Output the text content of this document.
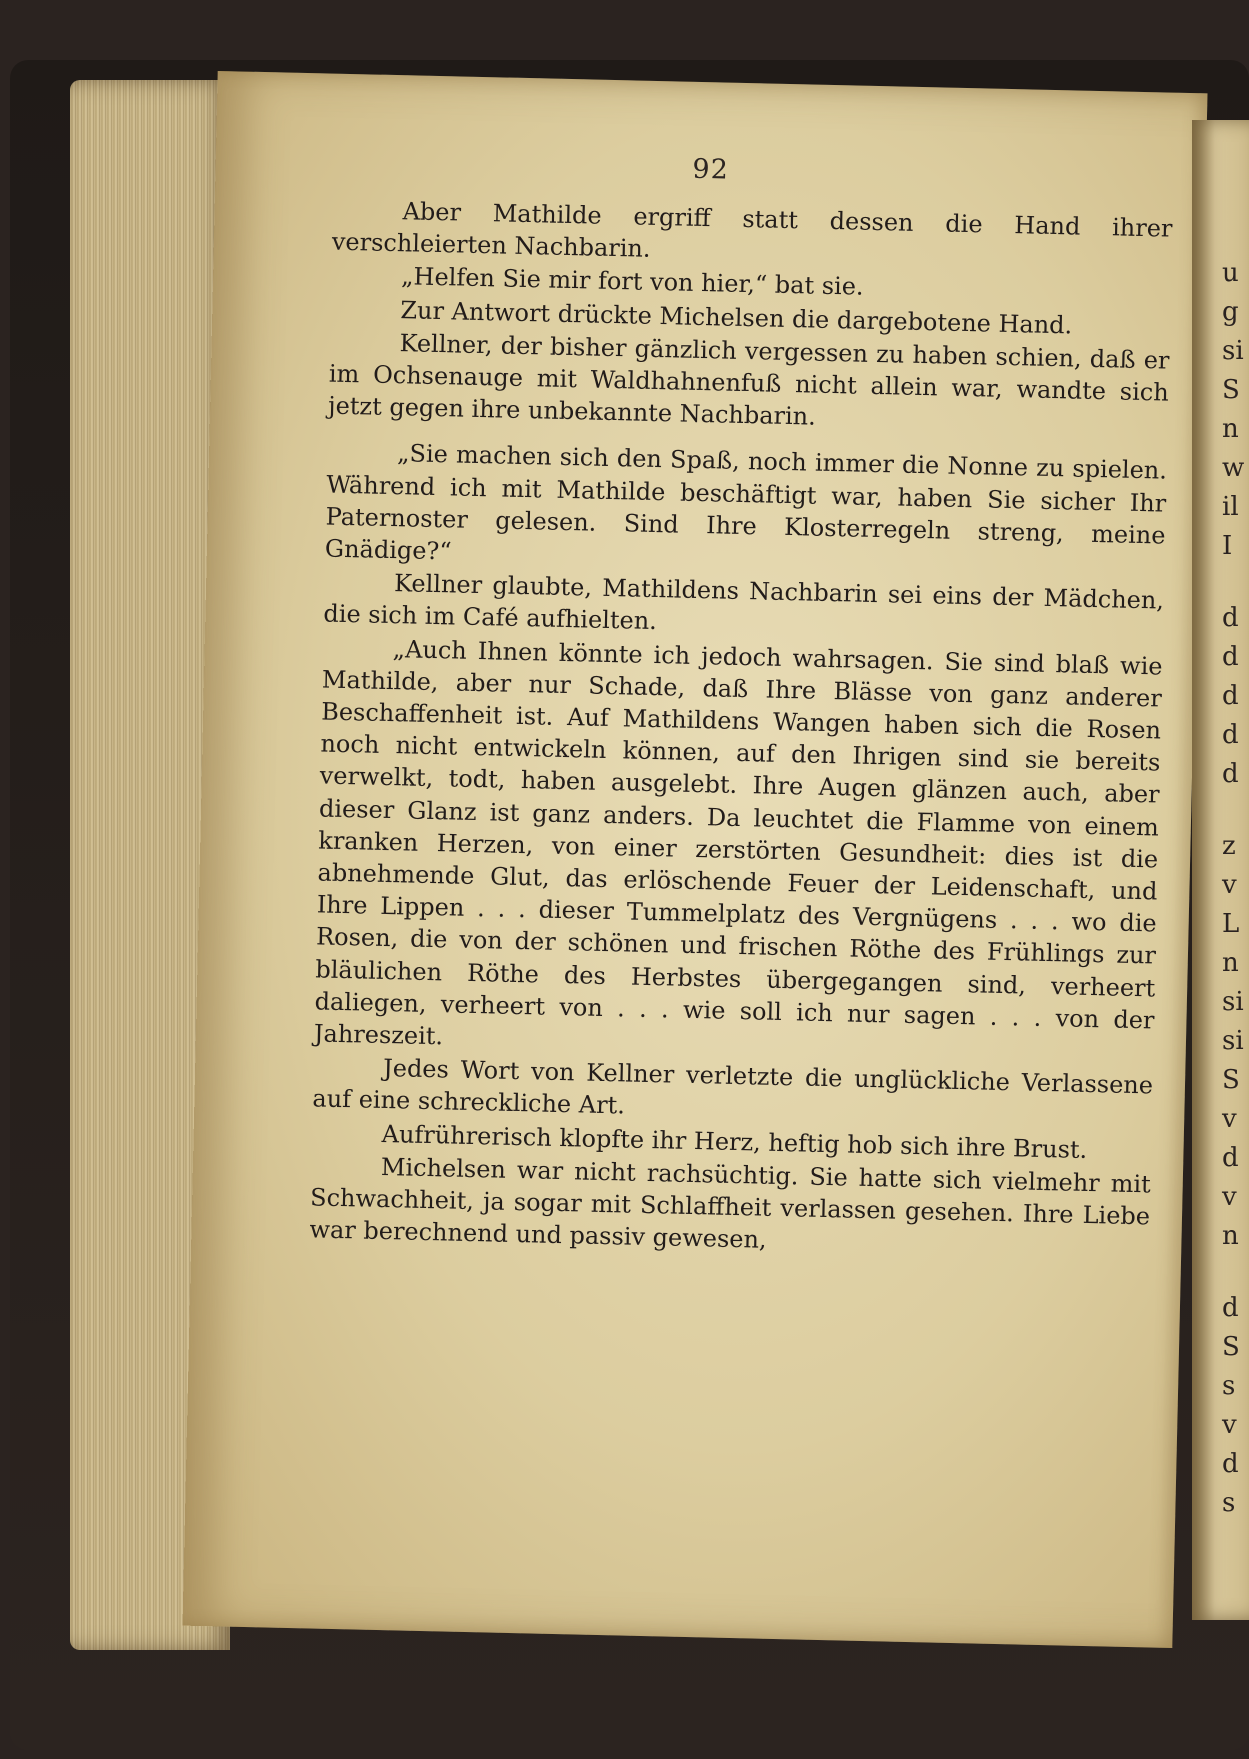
92

Aber Mathilde ergriff statt dessen die Hand ihrer verschleierten Nachbarin.

„Helfen Sie mir fort von hier,“ bat sie.

Zur Antwort drückte Michelsen die dargebotene Hand.

Kellner, der bisher gänzlich vergessen zu haben schien, daß er im Ochsenauge mit Waldhahnenfuß nicht allein war, wandte sich jetzt gegen ihre unbekannte Nachbarin.

„Sie machen sich den Spaß, noch immer die Nonne zu spielen. Während ich mit Mathilde beschäftigt war, haben Sie sicher Ihr Paternoster gelesen. Sind Ihre Klosterregeln streng, meine Gnädige?“

Kellner glaubte, Mathildens Nachbarin sei eins der Mädchen, die sich im Café aufhielten.

„Auch Ihnen könnte ich jedoch wahrsagen. Sie sind blaß wie Mathilde, aber nur Schade, daß Ihre Blässe von ganz anderer Beschaffenheit ist. Auf Mathildens Wangen haben sich die Rosen noch nicht entwickeln können, auf den Ihrigen sind sie bereits verwelkt, todt, haben ausgelebt. Ihre Augen glänzen auch, aber dieser Glanz ist ganz anders. Da leuchtet die Flamme von einem kranken Herzen, von einer zerstörten Gesundheit: dies ist die abnehmende Glut, das erlöschende Feuer der Leidenschaft, und Ihre Lippen . . . dieser Tummelplatz des Vergnügens . . . wo die Rosen, die von der schönen und frischen Röthe des Frühlings zur bläulichen Röthe des Herbstes übergegangen sind, verheert daliegen, verheert von . . . wie soll ich nur sagen . . . von der Jahreszeit.

Jedes Wort von Kellner verletzte die unglückliche Verlassene auf eine schreckliche Art.

Aufrührerisch klopfte ihr Herz, heftig hob sich ihre Brust.

Michelsen war nicht rachsüchtig. Sie hatte sich vielmehr mit Schwachheit, ja sogar mit Schlaffheit verlassen gesehen. Ihre Liebe war berechnend und passiv gewesen,

u
g
si
S
n
w
il
I
d
d
d
d
d
z
v
L
n
si
si
S
v
d
v
n
d
S
s
v
d
s
